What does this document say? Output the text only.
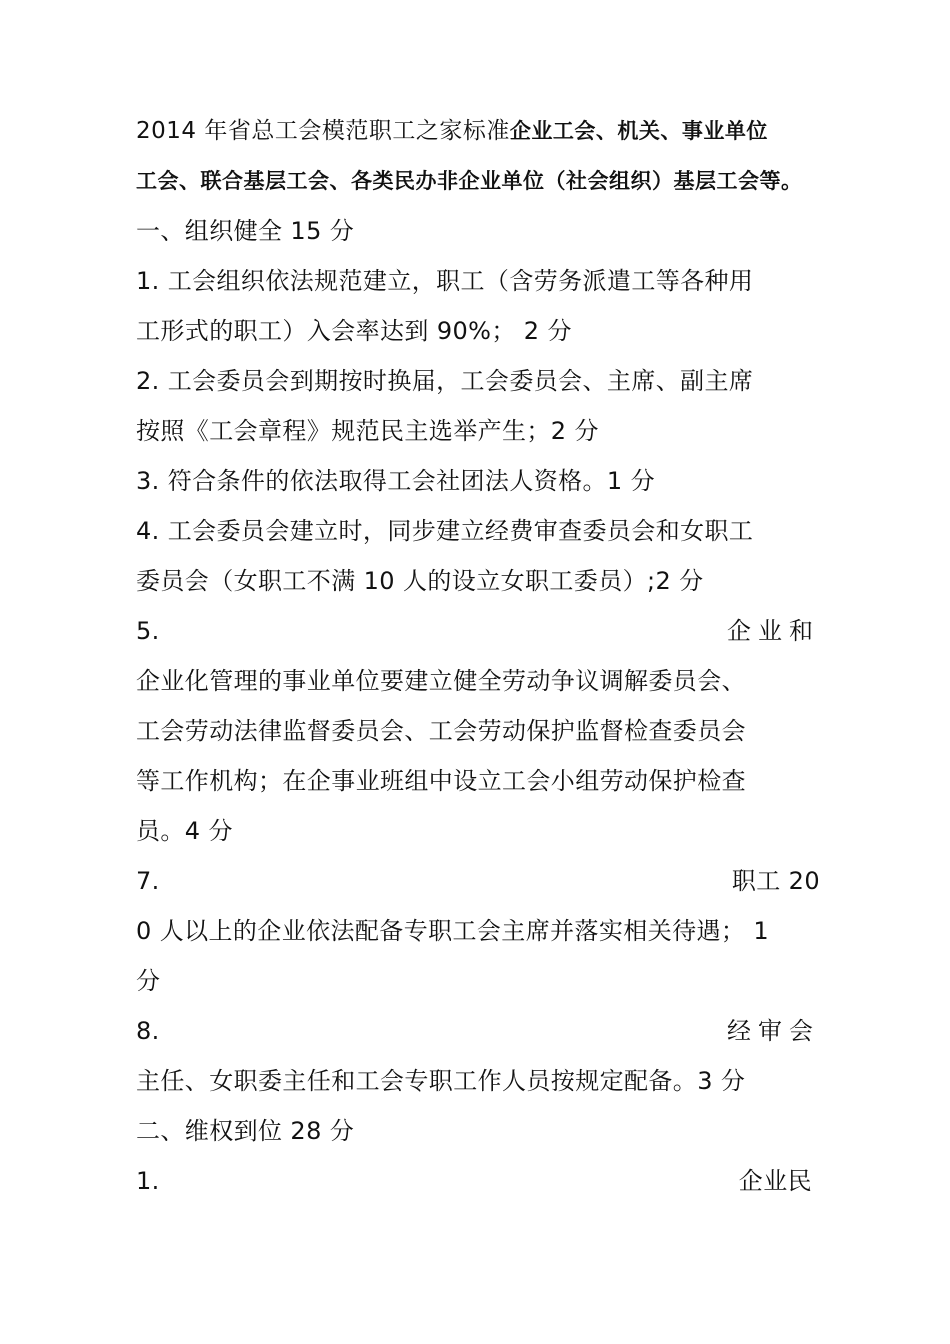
2014 年省总工会模范职工之家标准企业工会、机关、事业单位
工会、联合基层工会、各类民办非企业单位（社会组织）基层工会等。
一、组织健全 15 分
1. 工会组织依法规范建立，职工（含劳务派遣工等各种用
工形式的职工）入会率达到 90%； 2 分
2. 工会委员会到期按时换届，工会委员会、主席、副主席
按照《工会章程》规范民主选举产生；2 分
3. 符合条件的依法取得工会社团法人资格。1 分
4. 工会委员会建立时，同步建立经费审查委员会和女职工
委员会（女职工不满 10 人的设立女职工委员）;2 分
5.	企业和
企业化管理的事业单位要建立健全劳动争议调解委员会、
工会劳动法律监督委员会、工会劳动保护监督检查委员会
等工作机构；在企事业班组中设立工会小组劳动保护检查
员。4 分
7.	职工 20
0 人以上的企业依法配备专职工会主席并落实相关待遇； 1
分
8.	经审会
主任、女职委主任和工会专职工作人员按规定配备。3 分
二、维权到位 28 分
1.	企业民
